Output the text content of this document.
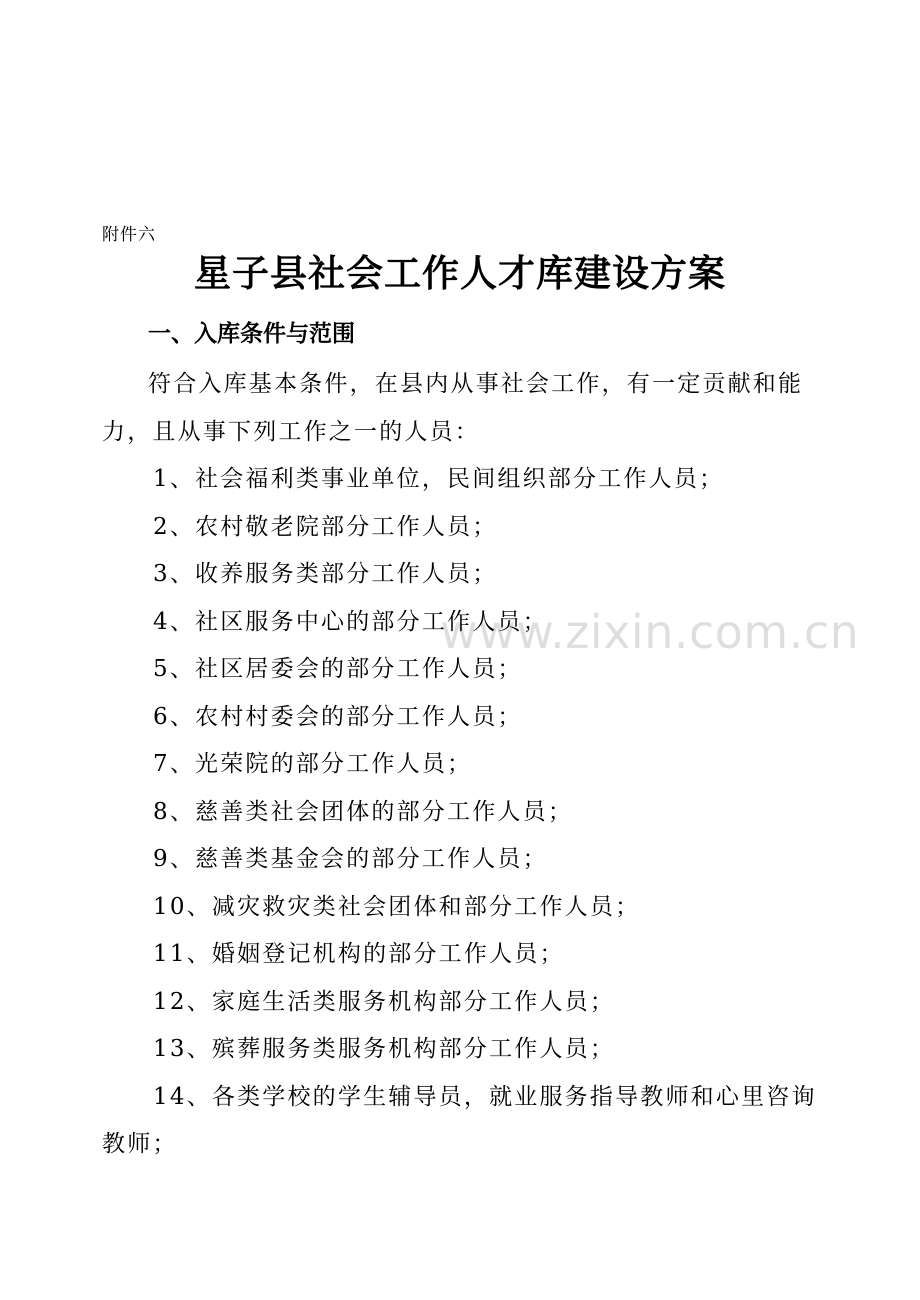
附件六
星子县社会工作人才库建设方案
一、入库条件与范围

符合入库基本条件，在县内从事社会工作，有一定贡献和能力，且从事下列工作之一的人员：

1、社会福利类事业单位，民间组织部分工作人员；

2、农村敬老院部分工作人员；

3、收养服务类部分工作人员；

4、社区服务中心的部分工作人员；

5、社区居委会的部分工作人员；

6、农村村委会的部分工作人员；

7、光荣院的部分工作人员；

8、慈善类社会团体的部分工作人员；

9、慈善类基金会的部分工作人员；

10、减灾救灾类社会团体和部分工作人员；

11、婚姻登记机构的部分工作人员；

12、家庭生活类服务机构部分工作人员；

13、殡葬服务类服务机构部分工作人员；

14、各类学校的学生辅导员，就业服务指导教师和心里咨询教师；

www.zixin.com.cn
